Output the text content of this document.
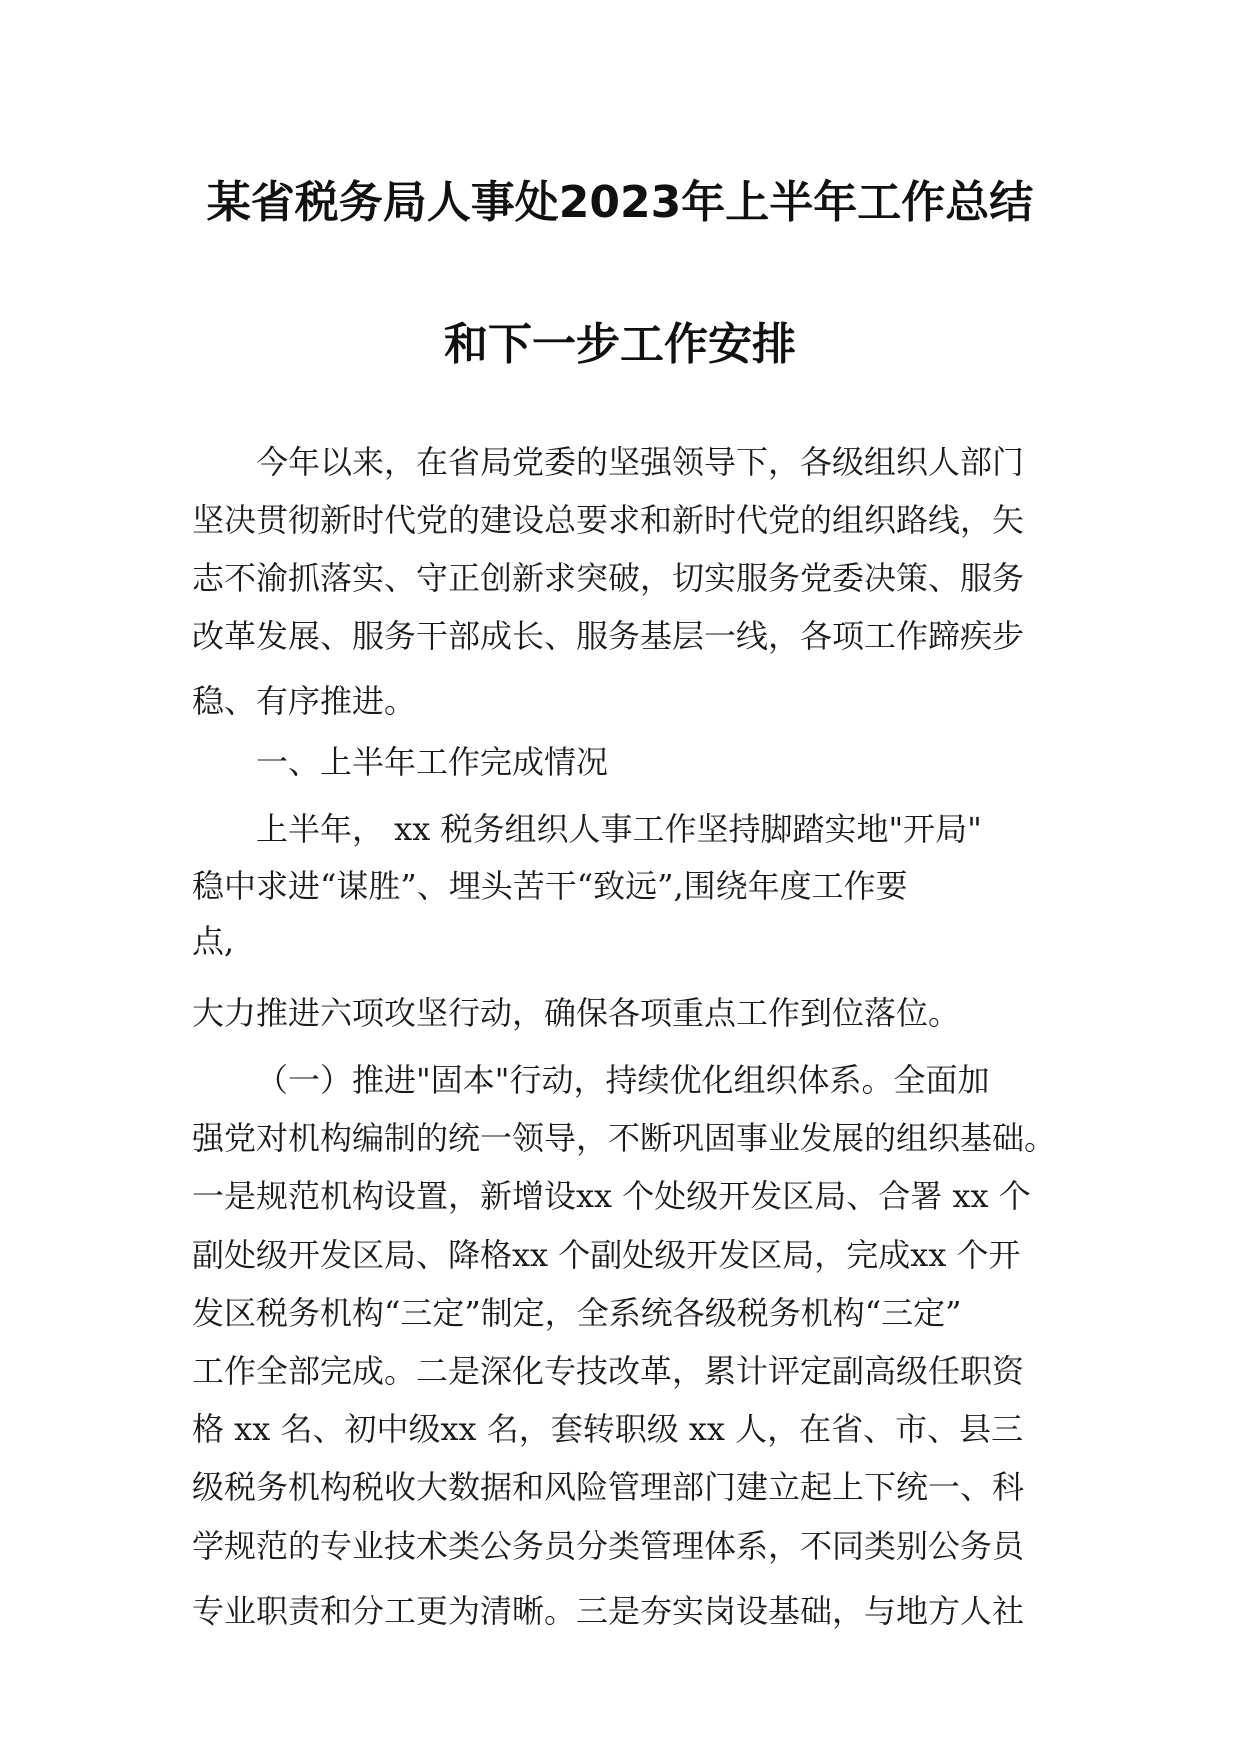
某省税务局人事处2023年上半年工作总结
和下一步工作安排
今年以来，在省局党委的坚强领导下，各级组织人部门
坚决贯彻新时代党的建设总要求和新时代党的组织路线，矢
志不渝抓落实、守正创新求突破，切实服务党委决策、服务
改革发展、服务干部成长、服务基层一线，各项工作蹄疾步
稳、有序推进。
一、上半年工作完成情况
上半年， xx 税务组织人事工作坚持脚踏实地"开局"
稳中求进“谋胜”、埋头苦干“致远”,围绕年度工作要
点,
大力推进六项攻坚行动，确保各项重点工作到位落位。
（一）推进"固本"行动，持续优化组织体系。全面加
强党对机构编制的统一领导，不断巩固事业发展的组织基础。
一是规范机构设置，新增设xx 个处级开发区局、合署 xx 个
副处级开发区局、降格xx 个副处级开发区局，完成xx 个开
发区税务机构“三定”制定，全系统各级税务机构“三定”
工作全部完成。二是深化专技改革，累计评定副高级任职资
格 xx 名、初中级xx 名，套转职级 xx 人，在省、市、县三
级税务机构税收大数据和风险管理部门建立起上下统一、科
学规范的专业技术类公务员分类管理体系，不同类别公务员
专业职责和分工更为清晰。三是夯实岗设基础，与地方人社
